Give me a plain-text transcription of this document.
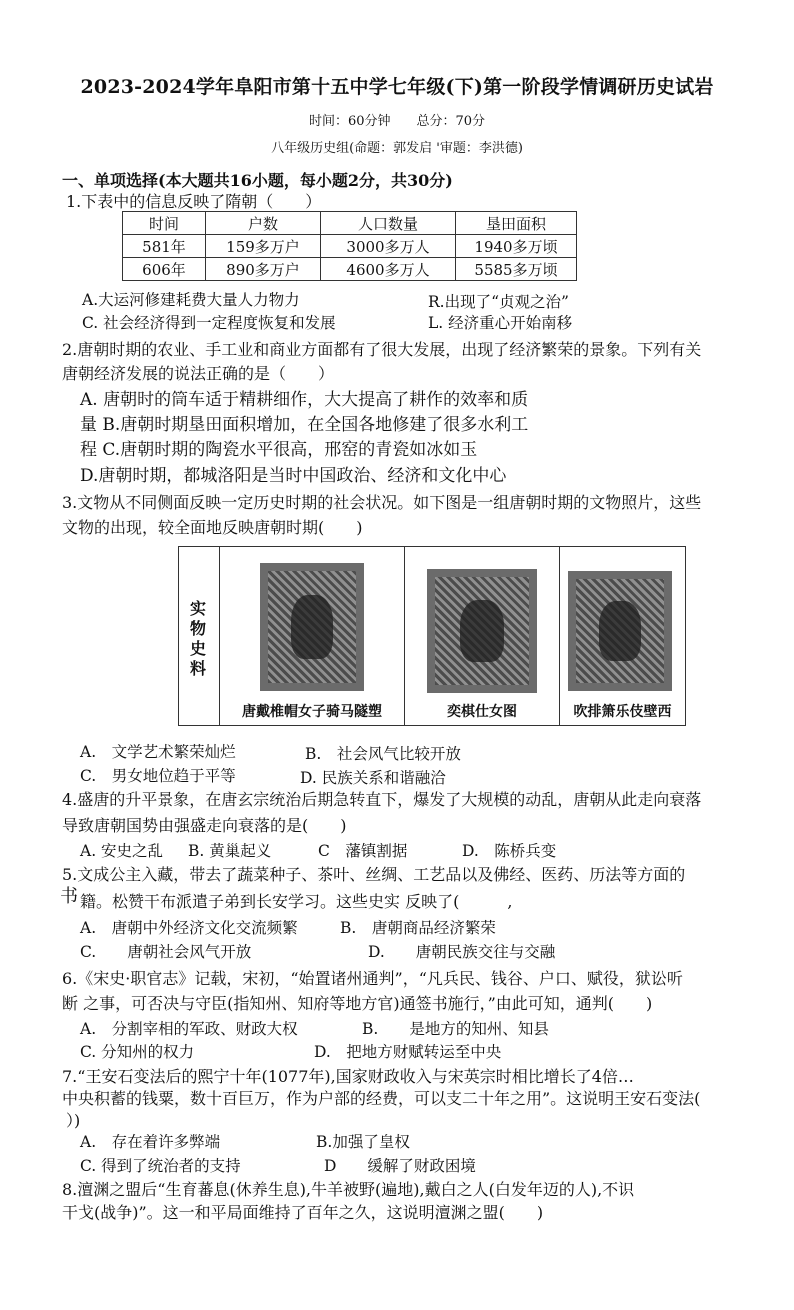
2023-2024学年阜阳市第十五中学七年级(下)第一阶段学情调研历史试岩
时间：60分钟　　总分：70分
八年级历史组(命题：郭发启 '审题：李洪德)
一、单项选择(本大题共16小题，每小题2分，共30分)
1.下表中的信息反映了隋朝（　　）
时间	户数	人口数量	垦田面积
581年	159多万户	3000多万人	1940多万顷
606年	890多万户	4600多万人	5585多万顷
A.大运河修建耗费大量人力物力	R.出现了“贞观之治”
C. 社会经济得到一定程度恢复和发展	L. 经济重心开始南移
2.唐朝时期的农业、手工业和商业方面都有了很大发展，出现了经济繁荣的景象。下列有关
唐朝经济发展的说法正确的是（　　）
A. 唐朝时的筒车适于精耕细作，大大提高了耕作的效率和质
量 B.唐朝时期垦田面积增加，在全国各地修建了很多水利工
程 C.唐朝时期的陶瓷水平很高，邢窑的青瓷如冰如玉
D.唐朝时期，都城洛阳是当时中国政治、经济和文化中心
3.文物从不同侧面反映一定历史时期的社会状况。如下图是一组唐朝时期的文物照片，这些
文物的出现，较全面地反映唐朝时期(　　)
实物史料
唐戴椎帽女子骑马隧塑	奕棋仕女图	吹排箫乐伎壁西
A.　文学艺术繁荣灿烂	B.　社会风气比较开放
C.　男女地位趋于平等	D. 民族关系和谐融洽
4.盛唐的升平景象，在唐玄宗统治后期急转直下，爆发了大规模的动乱，唐朝从此走向衰落
导致唐朝国势由强盛走向衰落的是(　　)
A. 安史之乱 B. 黄巢起义	C　藩镇割据	D.　陈桥兵变
5.文成公主入藏，带去了蔬菜种子、茶叶、丝绸、工艺品以及佛经、医药、历法等方面的
书 籍。松赞干布派遣子弟到长安学习。这些史实 反映了(　　　,
A.　唐朝中外经济文化交流频繁	B.　唐朝商品经济繁荣
C.　　唐朝社会风气开放	D.　　唐朝民族交往与交融
6.《宋史·职官志》记载，宋初，“始置诸州通判”，“凡兵民、钱谷、户口、赋役，狱讼听
断 之事，可否决与守臣(指知州、知府等地方官)通签书施行，”由此可知，通判(　　)
A.　分割宰相的军政、财政大权	B.　　是地方的知州、知县
C. 分知州的权力	D.　把地方财赋转运至中央
7.“王安石变法后的熙宁十年(1077年),国家财政收入与宋英宗时相比增长了4倍…
中央积蓄的钱粟，数十百巨万，作为户部的经费，可以支二十年之用”。这说明王安石变法(
）)
A.　存在着许多弊端	B.加强了皇权
C. 得到了统治者的支持	D　　缓解了财政困境
8.澶渊之盟后“生育蕃息(休养生息),牛羊被野(遍地),戴白之人(白发年迈的人),不识
干戈(战争)”。这一和平局面维持了百年之久，这说明澶渊之盟(　　)
